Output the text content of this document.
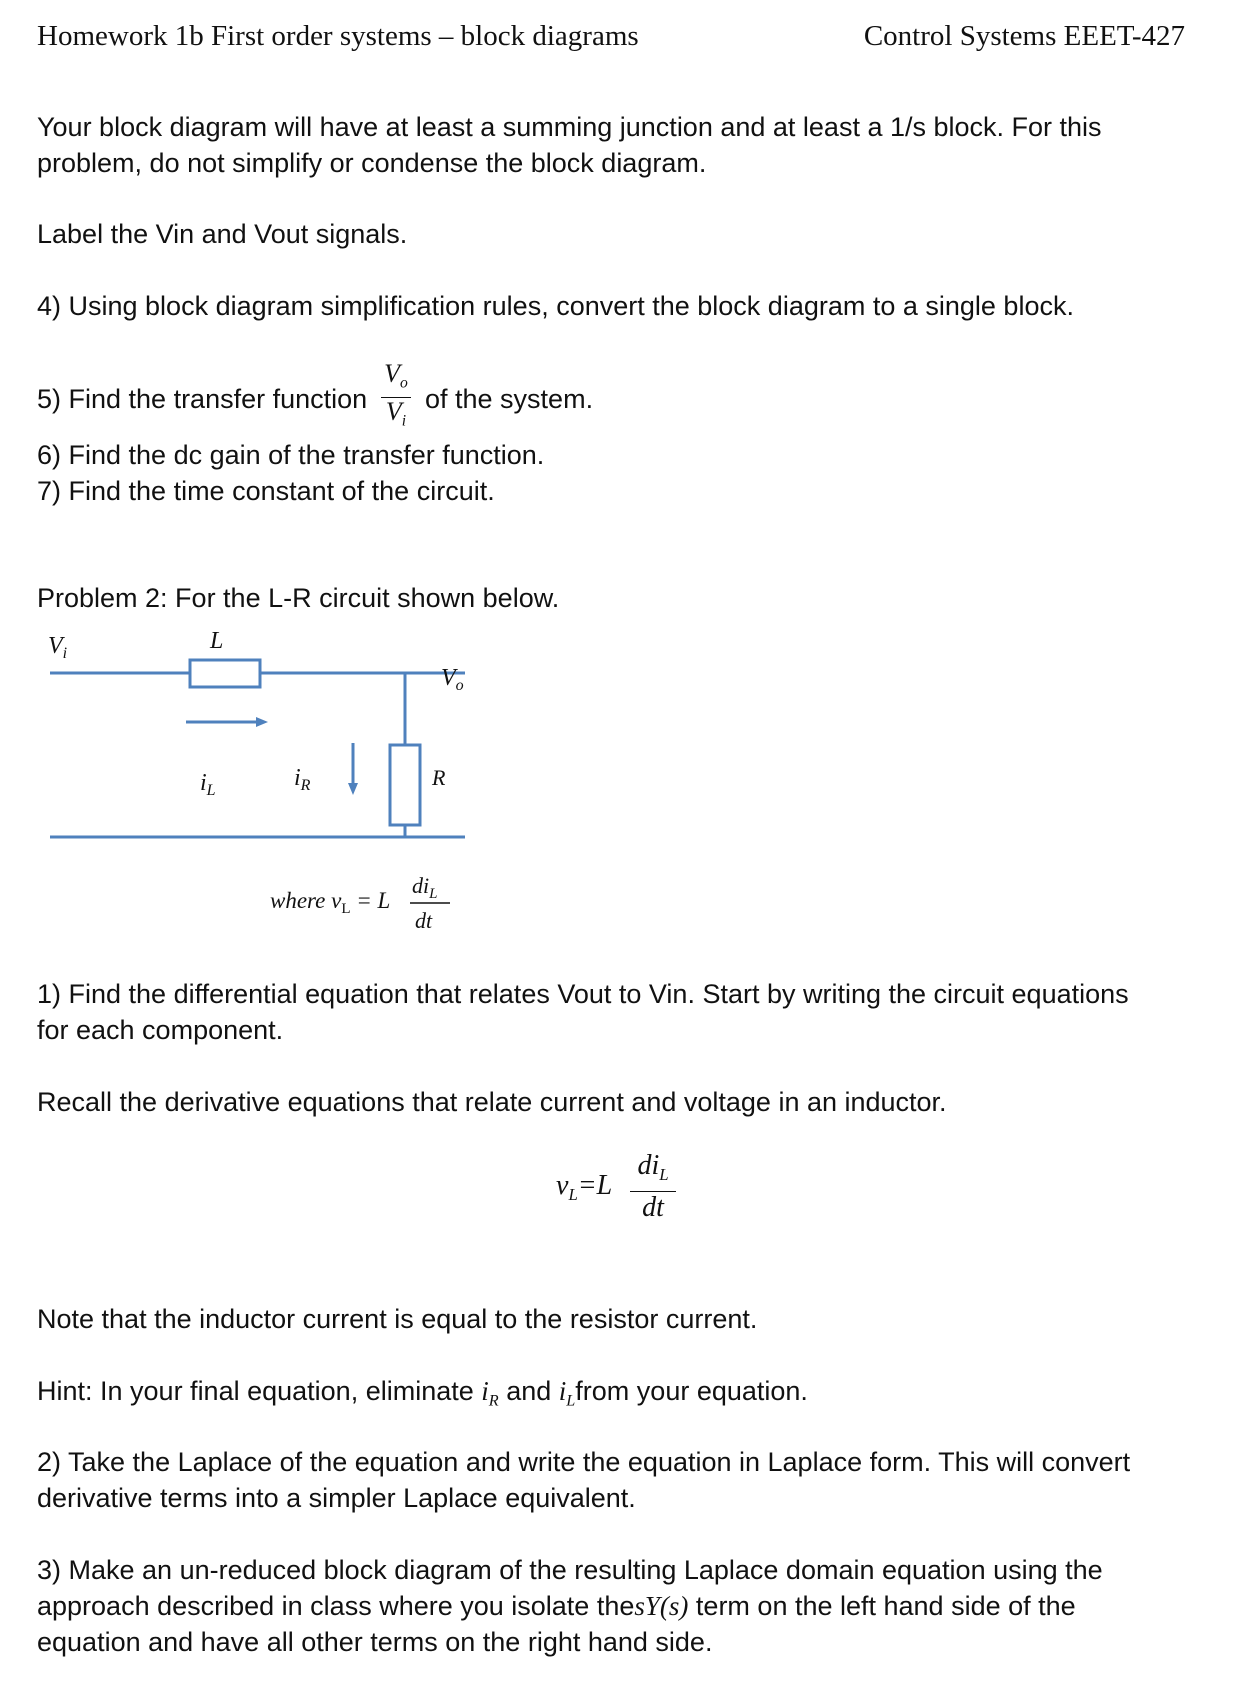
Homework 1b First order systems – block diagrams	Control Systems EEET-427
Your block diagram will have at least a summing junction and at least a 1/s block. For this
problem, do not simplify or condense the block diagram.
Label the Vin and Vout signals.
4) Using block diagram simplification rules, convert the block diagram to a single block.
5) Find the transfer function
$V_o$
$V_i$
of the system.
6) Find the dc gain of the transfer function.
7) Find the time constant of the circuit.
Problem 2: For the L-R circuit shown below.
$V_i$	L
$V_o$
$i_L$	$i_R$	R
where $v_L = L$
$di_L$
dt
1) Find the differential equation that relates Vout to Vin. Start by writing the circuit equations
for each component.
Recall the derivative equations that relate current and voltage in an inductor.
$v_L=L$
$di_L$
dt
Note that the inductor current is equal to the resistor current.
Hint: In your final equation, eliminate $i_R$ and $i_Lfrom$ your equation.
2) Take the Laplace of the equation and write the equation in Laplace form. This will convert
derivative terms into a simpler Laplace equivalent.
3) Make an un-reduced block diagram of the resulting Laplace domain equation using the
approach described in class where you isolate thesY(s) term on the left hand side of the
equation and have all other terms on the right hand side.
